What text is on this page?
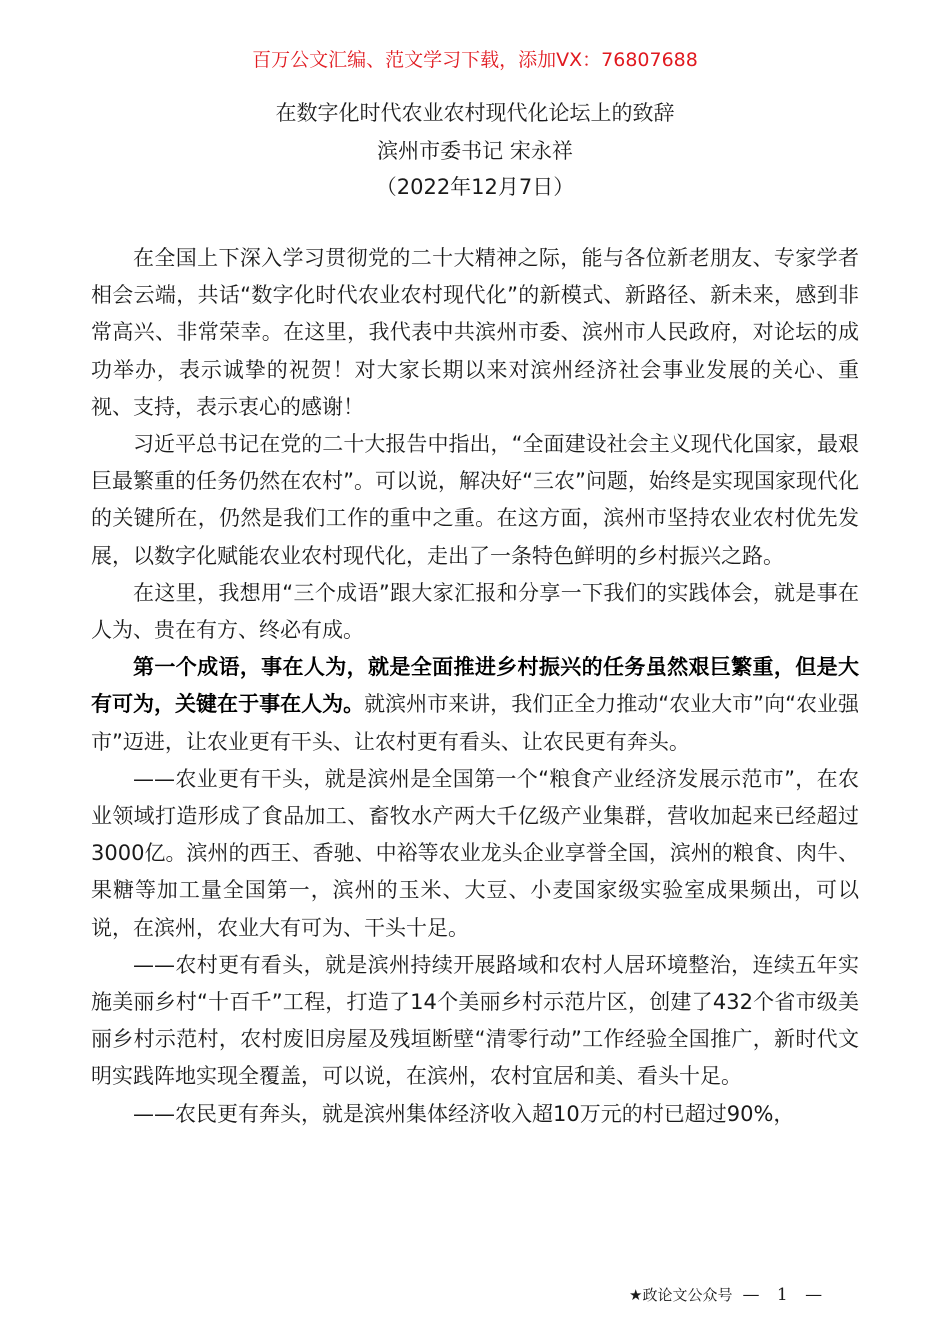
百万公文汇编、范文学习下载，添加VX：76807688
在数字化时代农业农村现代化论坛上的致辞
滨州市委书记 宋永祥
（2022年12月7日）

在全国上下深入学习贯彻党的二十大精神之际，能与各位新老朋友、专家学者相会云端，共话“数字化时代农业农村现代化”的新模式、新路径、新未来，感到非常高兴、非常荣幸。在这里，我代表中共滨州市委、滨州市人民政府，对论坛的成功举办，表示诚挚的祝贺！对大家长期以来对滨州经济社会事业发展的关心、重视、支持，表示衷心的感谢！

习近平总书记在党的二十大报告中指出，“全面建设社会主义现代化国家，最艰巨最繁重的任务仍然在农村”。可以说，解决好“三农”问题，始终是实现国家现代化的关键所在，仍然是我们工作的重中之重。在这方面，滨州市坚持农业农村优先发展，以数字化赋能农业农村现代化，走出了一条特色鲜明的乡村振兴之路。

在这里，我想用“三个成语”跟大家汇报和分享一下我们的实践体会，就是事在人为、贵在有方、终必有成。

第一个成语，事在人为，就是全面推进乡村振兴的任务虽然艰巨繁重，但是大有可为，关键在于事在人为。就滨州市来讲，我们正全力推动“农业大市”向“农业强市”迈进，让农业更有干头、让农村更有看头、让农民更有奔头。

——农业更有干头，就是滨州是全国第一个“粮食产业经济发展示范市”，在农业领域打造形成了食品加工、畜牧水产两大千亿级产业集群，营收加起来已经超过3000亿。滨州的西王、香驰、中裕等农业龙头企业享誉全国，滨州的粮食、肉牛、果糖等加工量全国第一，滨州的玉米、大豆、小麦国家级实验室成果频出，可以说，在滨州，农业大有可为、干头十足。

——农村更有看头，就是滨州持续开展路域和农村人居环境整治，连续五年实施美丽乡村“十百千”工程，打造了14个美丽乡村示范片区，创建了432个省市级美丽乡村示范村，农村废旧房屋及残垣断壁“清零行动”工作经验全国推广，新时代文明实践阵地实现全覆盖，可以说，在滨州，农村宜居和美、看头十足。

——农民更有奔头，就是滨州集体经济收入超10万元的村已超过90%，

★政论文公众号 — 1 —
